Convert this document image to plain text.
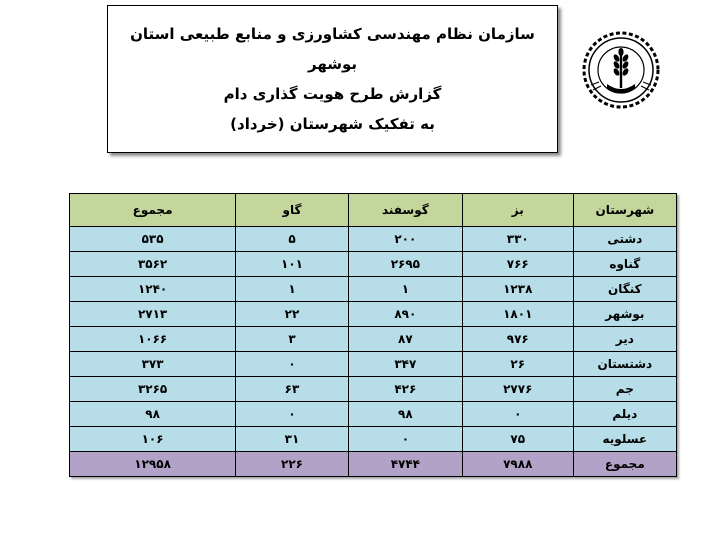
سازمان نظام مهندسی کشاورزی و منابع طبیعی استان بوشهر
گزارش طرح هویت گذاری دام
به تفکیک شهرستان (خرداد)
شهرستان	بز	گوسفند	گاو	مجموع
دشتی	۳۳۰	۲۰۰	۵	۵۳۵
گناوه	۷۶۶	۲۶۹۵	۱۰۱	۳۵۶۲
کنگان	۱۲۳۸	۱	۱	۱۲۴۰
بوشهر	۱۸۰۱	۸۹۰	۲۲	۲۷۱۳
دیر	۹۷۶	۸۷	۳	۱۰۶۶
دشتستان	۲۶	۳۴۷	۰	۳۷۳
جم	۲۷۷۶	۴۲۶	۶۳	۳۲۶۵
دیلم	۰	۹۸	۰	۹۸
عسلویه	۷۵	۰	۳۱	۱۰۶
مجموع	۷۹۸۸	۴۷۴۴	۲۲۶	۱۲۹۵۸
